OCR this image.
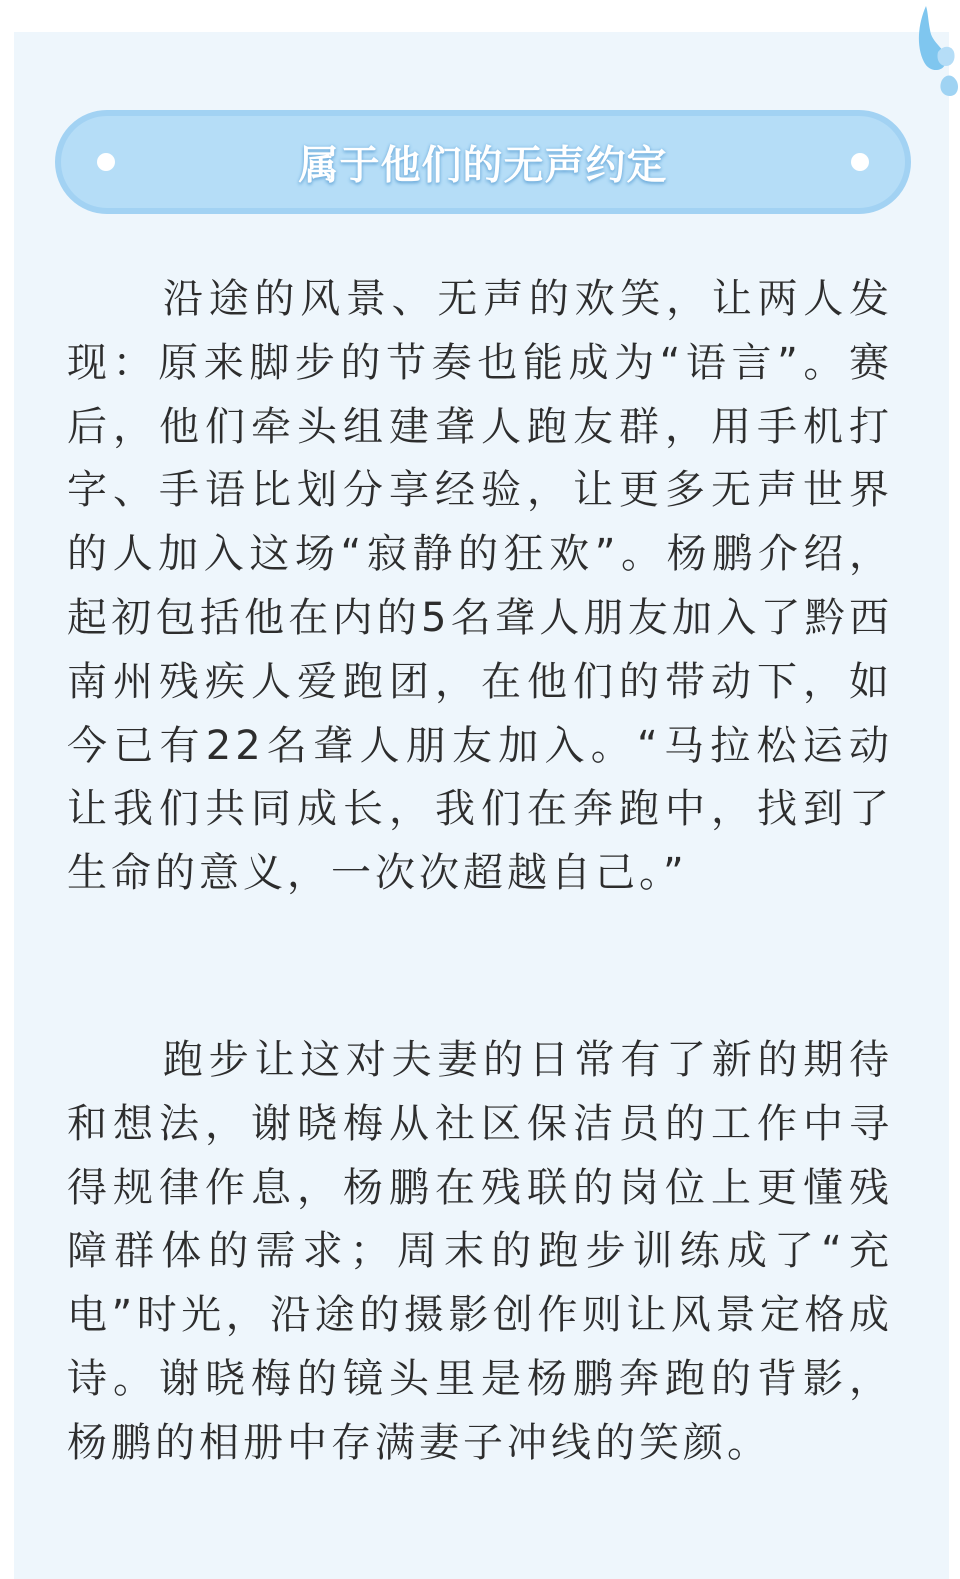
属于他们的无声约定

沿途的风景、无声的欢笑，让两人发现：原来脚步的节奏也能成为“语言”。赛后，他们牵头组建聋人跑友群，用手机打字、手语比划分享经验，让更多无声世界的人加入这场“寂静的狂欢”。杨鹏介绍，起初包括他在内的5名聋人朋友加入了黔西南州残疾人爱跑团，在他们的带动下，如今已有22名聋人朋友加入。“马拉松运动让我们共同成长，我们在奔跑中，找到了生命的意义，一次次超越自己。”

跑步让这对夫妻的日常有了新的期待和想法，谢晓梅从社区保洁员的工作中寻得规律作息，杨鹏在残联的岗位上更懂残障群体的需求；周末的跑步训练成了“充电”时光，沿途的摄影创作则让风景定格成诗。谢晓梅的镜头里是杨鹏奔跑的背影，杨鹏的相册中存满妻子冲线的笑颜。
